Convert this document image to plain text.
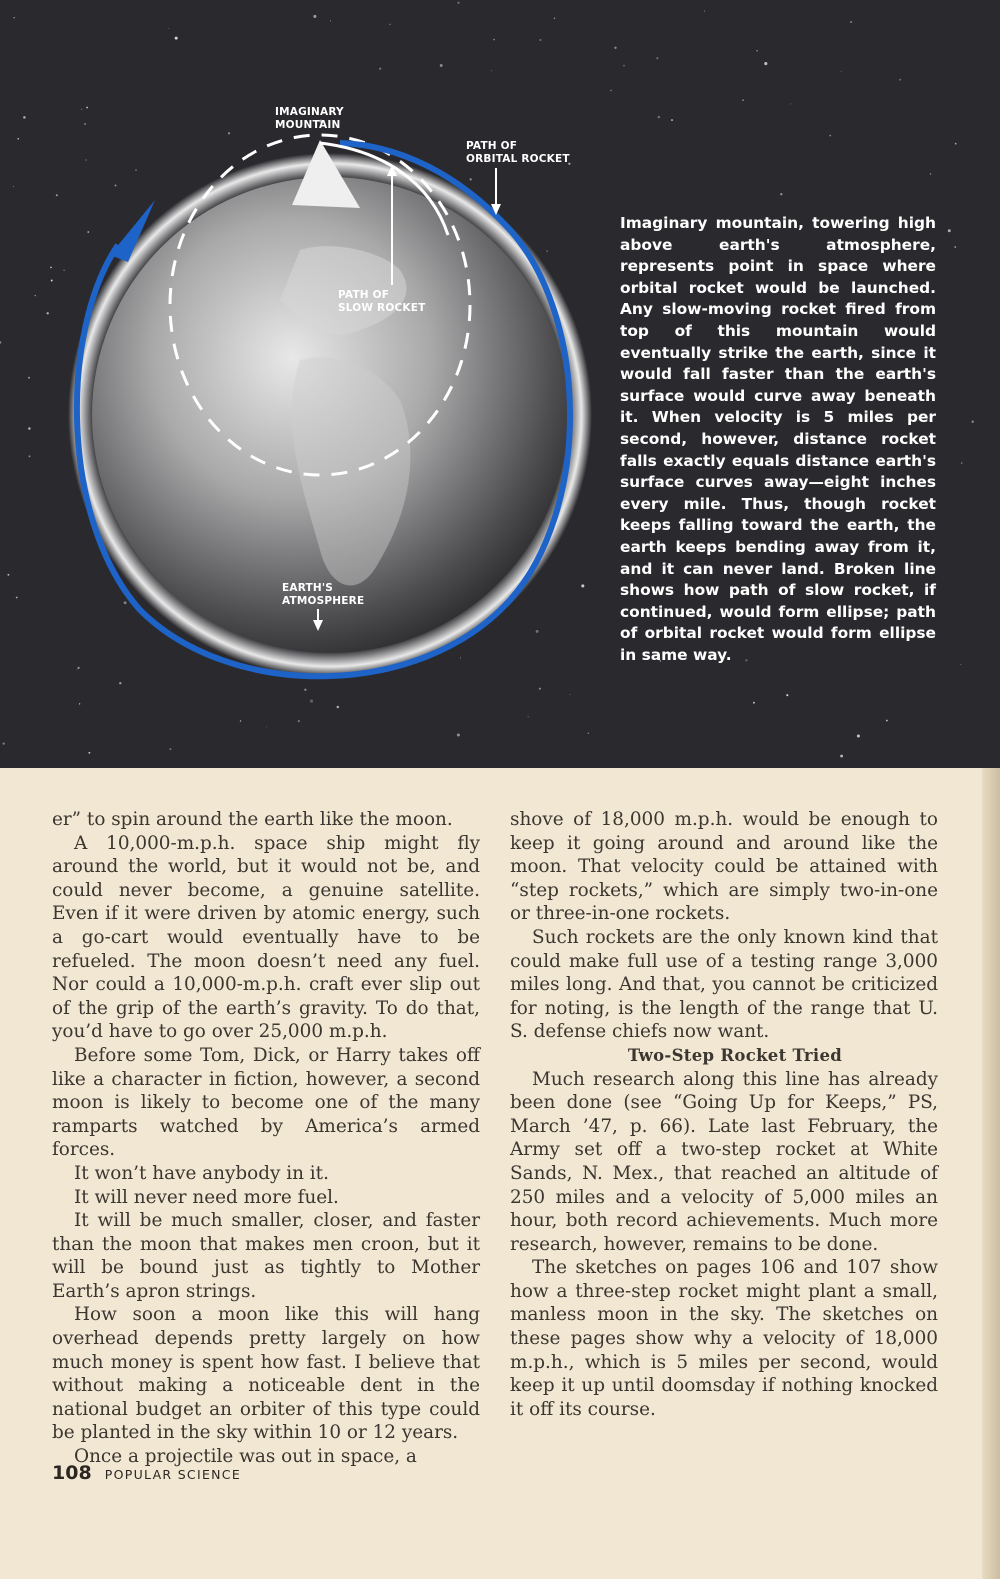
IMAGINARY
MOUNTAIN
PATH OF
ORBITAL ROCKET
PATH OF
SLOW ROCKET
EARTH'S
ATMOSPHERE
Imaginary mountain, towering high above earth's atmosphere, represents point in space where orbital rocket would be launched. Any slow-moving rocket fired from top of this mountain would eventually strike the earth, since it would fall faster than the earth's surface would curve away beneath it. When velocity is 5 miles per second, however, distance rocket falls exactly equals distance earth's surface curves away—eight inches every mile. Thus, though rocket keeps falling toward the earth, the earth keeps bending away from it, and it can never land. Broken line shows how path of slow rocket, if continued, would form ellipse; path of orbital rocket would form ellipse in same way.

er” to spin around the earth like the moon.

A 10,000-m.p.h. space ship might fly around the world, but it would not be, and could never become, a genuine satellite. Even if it were driven by atomic energy, such a go-cart would eventually have to be refueled. The moon doesn’t need any fuel. Nor could a 10,000-m.p.h. craft ever slip out of the grip of the earth’s gravity. To do that, you’d have to go over 25,000 m.p.h.

Before some Tom, Dick, or Harry takes off like a character in fiction, however, a second moon is likely to become one of the many ramparts watched by America’s armed forces.

It won’t have anybody in it.

It will never need more fuel.

It will be much smaller, closer, and faster than the moon that makes men croon, but it will be bound just as tightly to Mother Earth’s apron strings.

How soon a moon like this will hang overhead depends pretty largely on how much money is spent how fast. I believe that without making a noticeable dent in the national budget an orbiter of this type could be planted in the sky within 10 or 12 years.

Once a projectile was out in space, a

shove of 18,000 m.p.h. would be enough to keep it going around and around like the moon. That velocity could be attained with “step rockets,” which are simply two-in-one or three-in-one rockets.

Such rockets are the only known kind that could make full use of a testing range 3,000 miles long. And that, you cannot be criticized for noting, is the length of the range that U. S. defense chiefs now want.

Two-Step Rocket Tried

Much research along this line has already been done (see “Going Up for Keeps,” PS, March ’47, p. 66). Late last February, the Army set off a two-step rocket at White Sands, N. Mex., that reached an altitude of 250 miles and a velocity of 5,000 miles an hour, both record achievements. Much more research, however, remains to be done.

The sketches on pages 106 and 107 show how a three-step rocket might plant a small, manless moon in the sky. The sketches on these pages show why a velocity of 18,000 m.p.h., which is 5 miles per second, would keep it up until doomsday if nothing knocked it off its course.

108 POPULAR SCIENCE
